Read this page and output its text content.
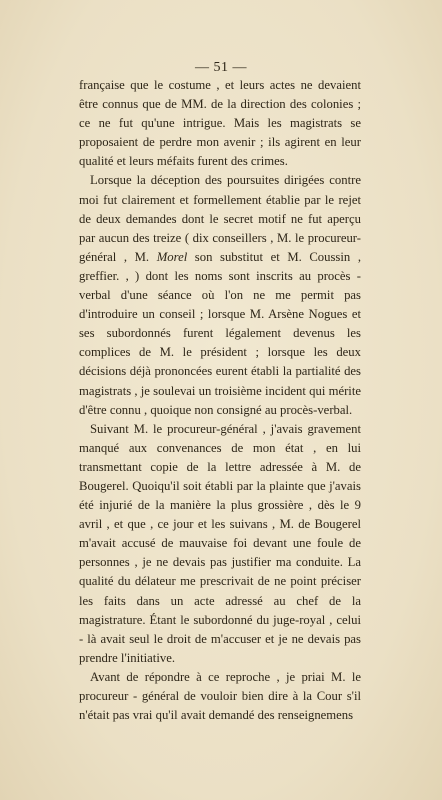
— 51 —

française que le costume , et leurs actes ne devaient être connus que de MM. de la direction des colonies ; ce ne fut qu'une intrigue. Mais les magistrats se proposaient de perdre mon avenir ; ils agirent en leur qualité et leurs méfaits furent des crimes.

Lorsque la déception des poursuites dirigées contre moi fut clairement et formellement établie par le rejet de deux demandes dont le secret motif ne fut aperçu par aucun des treize ( dix conseillers , M. le procureur-général , M. Morel son substitut et M. Coussin , greffier. , ) dont les noms sont inscrits au procès - verbal d'une séance où l'on ne me permit pas d'introduire un conseil ; lorsque M. Arsène Nogues et ses subordonnés furent légalement devenus les complices de M. le président ; lorsque les deux décisions déjà prononcées eurent établi la partialité des magistrats , je soulevai un troisième incident qui mérite d'être connu , quoique non consigné au procès-verbal.

Suivant M. le procureur-général , j'avais gravement manqué aux convenances de mon état , en lui transmettant copie de la lettre adressée à M. de Bougerel. Quoiqu'il soit établi par la plainte que j'avais été injurié de la manière la plus grossière , dès le 9 avril , et que , ce jour et les suivans , M. de Bougerel m'avait accusé de mauvaise foi devant une foule de personnes , je ne devais pas justifier ma conduite. La qualité du délateur me prescrivait de ne point préciser les faits dans un acte adressé au chef de la magistrature. Étant le subordonné du juge-royal , celui - là avait seul le droit de m'accuser et je ne devais pas prendre l'initiative.

Avant de répondre à ce reproche , je priai M. le procureur - général de vouloir bien dire à la Cour s'il n'était pas vrai qu'il avait demandé des renseignemens
